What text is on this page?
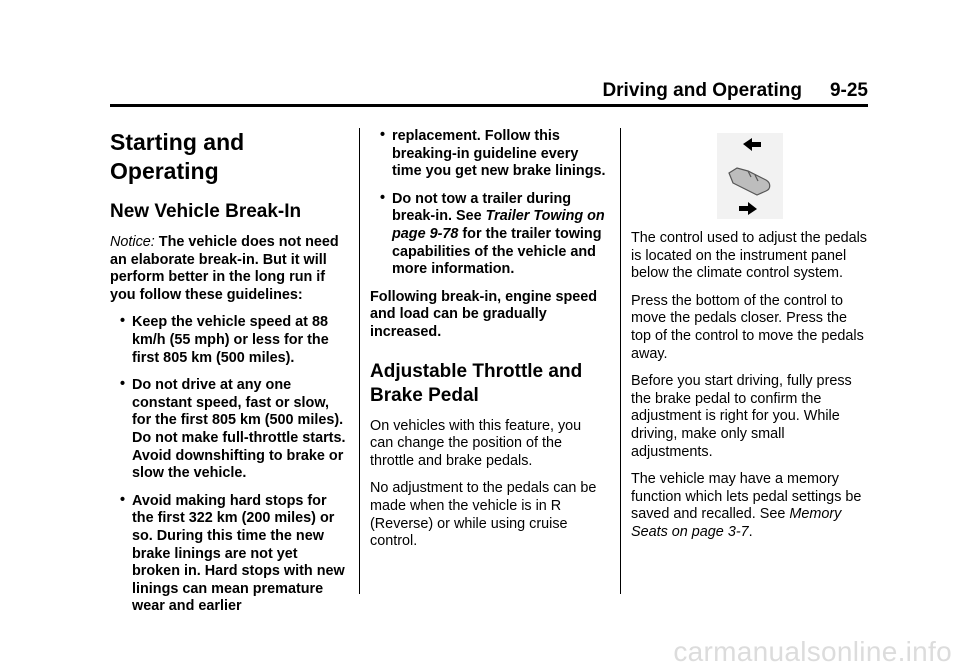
Driving and Operating 9-25
Starting and
Operating
New Vehicle Break-In

Notice: The vehicle does not need an elaborate break-in. But it will perform better in the long run if you follow these guidelines:

• Keep the vehicle speed at 88 km/h (55 mph) or less for the first 805 km (500 miles).
• Do not drive at any one constant speed, fast or slow, for the first 805 km (500 miles). Do not make full-throttle starts. Avoid downshifting to brake or slow the vehicle.
• Avoid making hard stops for the first 322 km (200 miles) or so. During this time the new brake linings are not yet broken in. Hard stops with new linings can mean premature wear and earlier
• replacement. Follow this breaking-in guideline every time you get new brake linings.
• Do not tow a trailer during break-in. See Trailer Towing on page 9-78 for the trailer towing capabilities of the vehicle and more information.

Following break-in, engine speed and load can be gradually increased.

Adjustable Throttle and
Brake Pedal

On vehicles with this feature, you can change the position of the throttle and brake pedals.

No adjustment to the pedals can be made when the vehicle is in R (Reverse) or while using cruise control.

The control used to adjust the pedals is located on the instrument panel below the climate control system.

Press the bottom of the control to move the pedals closer. Press the top of the control to move the pedals away.

Before you start driving, fully press the brake pedal to confirm the adjustment is right for you. While driving, make only small adjustments.

The vehicle may have a memory function which lets pedal settings be saved and recalled. See Memory Seats on page 3-7.

carmanualsonline.info
